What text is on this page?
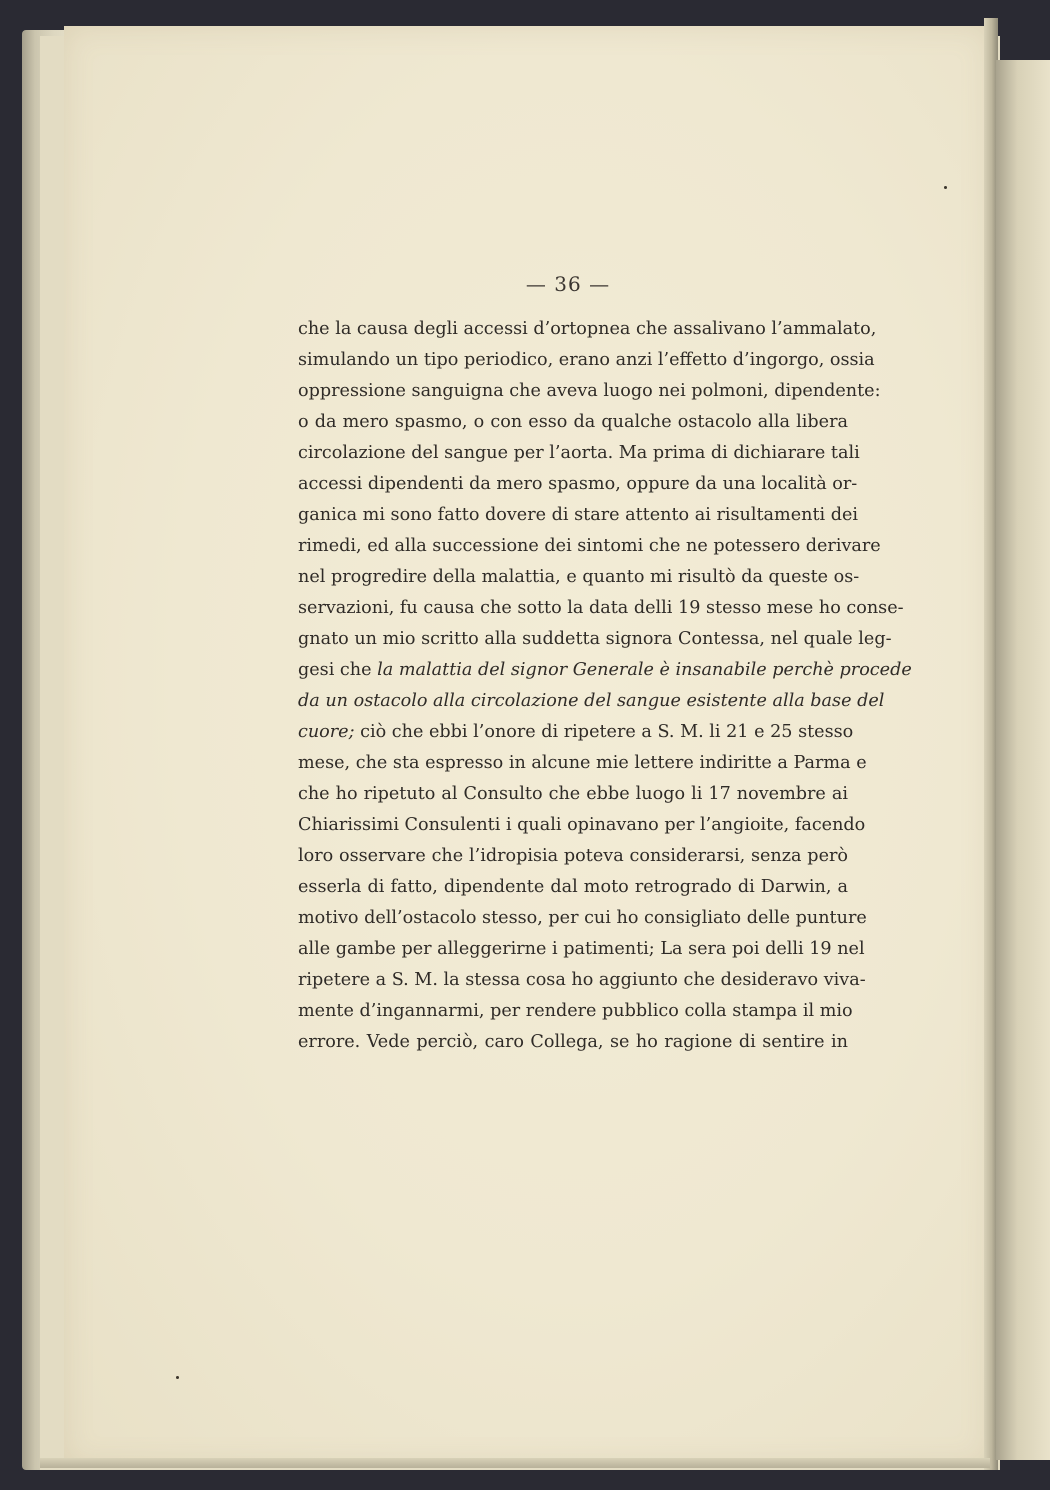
— 36 —
che la causa degli accessi d’ortopnea che assalivano l’ammalato,
simulando un tipo periodico, erano anzi l’effetto d’ingorgo, ossia
oppressione sanguigna che aveva luogo nei polmoni, dipendente:
o da mero spasmo, o con esso da qualche ostacolo alla libera
circolazione del sangue per l’aorta. Ma prima di dichiarare tali
accessi dipendenti da mero spasmo, oppure da una località or-
ganica mi sono fatto dovere di stare attento ai risultamenti dei
rimedi, ed alla successione dei sintomi che ne potessero derivare
nel progredire della malattia, e quanto mi risultò da queste os-
servazioni, fu causa che sotto la data delli 19 stesso mese ho conse-
gnato un mio scritto alla suddetta signora Contessa, nel quale leg-
gesi che la malattia del signor Generale è insanabile perchè procede
da un ostacolo alla circolazione del sangue esistente alla base del
cuore; ciò che ebbi l’onore di ripetere a S. M. li 21 e 25 stesso
mese, che sta espresso in alcune mie lettere indiritte a Parma e
che ho ripetuto al Consulto che ebbe luogo li 17 novembre ai
Chiarissimi Consulenti i quali opinavano per l’angioite, facendo
loro osservare che l’idropisia poteva considerarsi, senza però
esserla di fatto, dipendente dal moto retrogrado di Darwin, a
motivo dell’ostacolo stesso, per cui ho consigliato delle punture
alle gambe per alleggerirne i patimenti; La sera poi delli 19 nel
ripetere a S. M. la stessa cosa ho aggiunto che desideravo viva-
mente d’ingannarmi, per rendere pubblico colla stampa il mio
errore. Vede perciò, caro Collega, se ho ragione di sentire in
